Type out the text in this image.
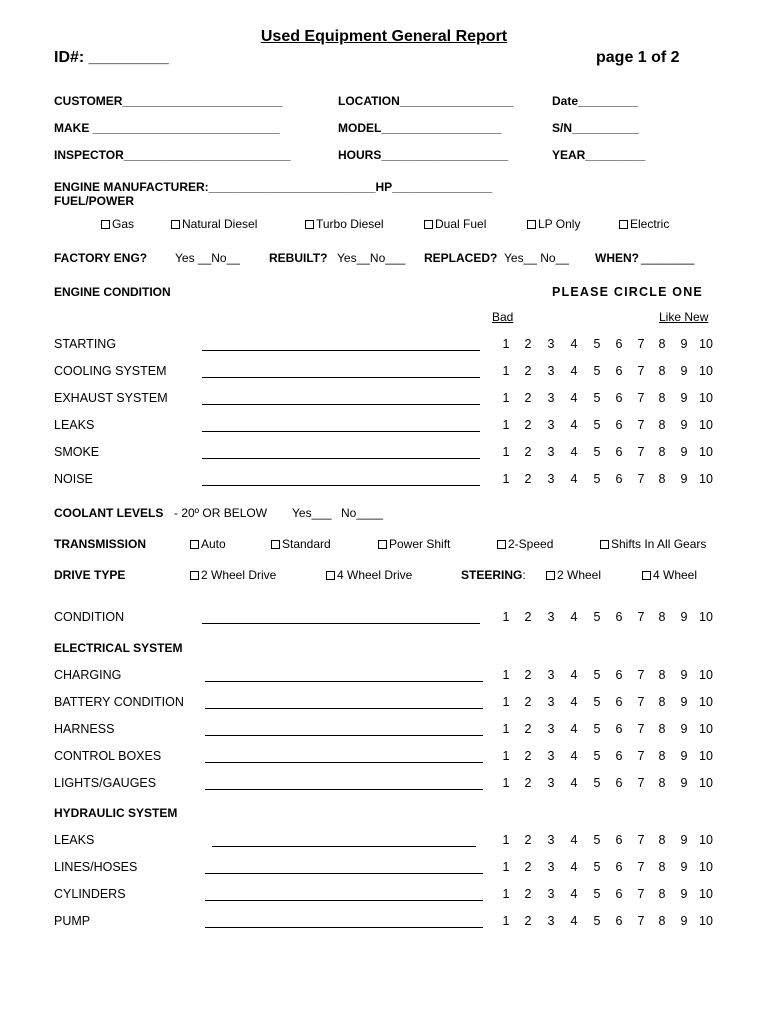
Used Equipment General Report
ID#: _________	page 1 of 2
CUSTOMER________________________	LOCATION_________________	Date_________
MAKE ____________________________	MODEL__________________	S/N__________
INSPECTOR_________________________	HOURS___________________	YEAR_________
ENGINE MANUFACTURER:_________________________HP_______________
FUEL/POWER
Gas	Natural Diesel	Turbo Diesel	Dual Fuel	LP Only	Electric
FACTORY ENG? Yes __No__ REBUILT? Yes__No___ REPLACED? Yes__ No__ WHEN? ________
ENGINE CONDITION	PLEASE CIRCLE ONE
Bad	Like New
STARTING	1	2	3	4	5	6	7	8	9 10
COOLING SYSTEM	1	2	3	4	5	6	7	8	9 10
EXHAUST SYSTEM	1	2	3	4	5	6	7	8	9 10
LEAKS	1	2	3	4	5	6	7	8	9 10
SMOKE	1	2	3	4	5	6	7	8	9 10
NOISE	1	2	3	4	5	6	7	8	9 10
CONDITION	1	2	3	4	5	6	7	8	9 10
CHARGING	1	2	3	4	5	6	7	8	9 10
BATTERY CONDITION	1	2	3	4	5	6	7	8	9 10
HARNESS	1	2	3	4	5	6	7	8	9 10
CONTROL BOXES	1	2	3	4	5	6	7	8	9 10
LIGHTS/GAUGES	1	2	3	4	5	6	7	8	9 10
LEAKS	1	2	3	4	5	6	7	8	9 10
LINES/HOSES	1	2	3	4	5	6	7	8	9 10
CYLINDERS	1	2	3	4	5	6	7	8	9 10
PUMP	1	2	3	4	5	6	7	8	9 10
COOLANT LEVELS - 20º OR BELOW Yes___ No____
TRANSMISSION	Auto	Standard	Power Shift	2-Speed	Shifts In All Gears
DRIVE TYPE	2 Wheel Drive	4 Wheel Drive	STEERING:	2 Wheel	4 Wheel
ELECTRICAL SYSTEM
HYDRAULIC SYSTEM
